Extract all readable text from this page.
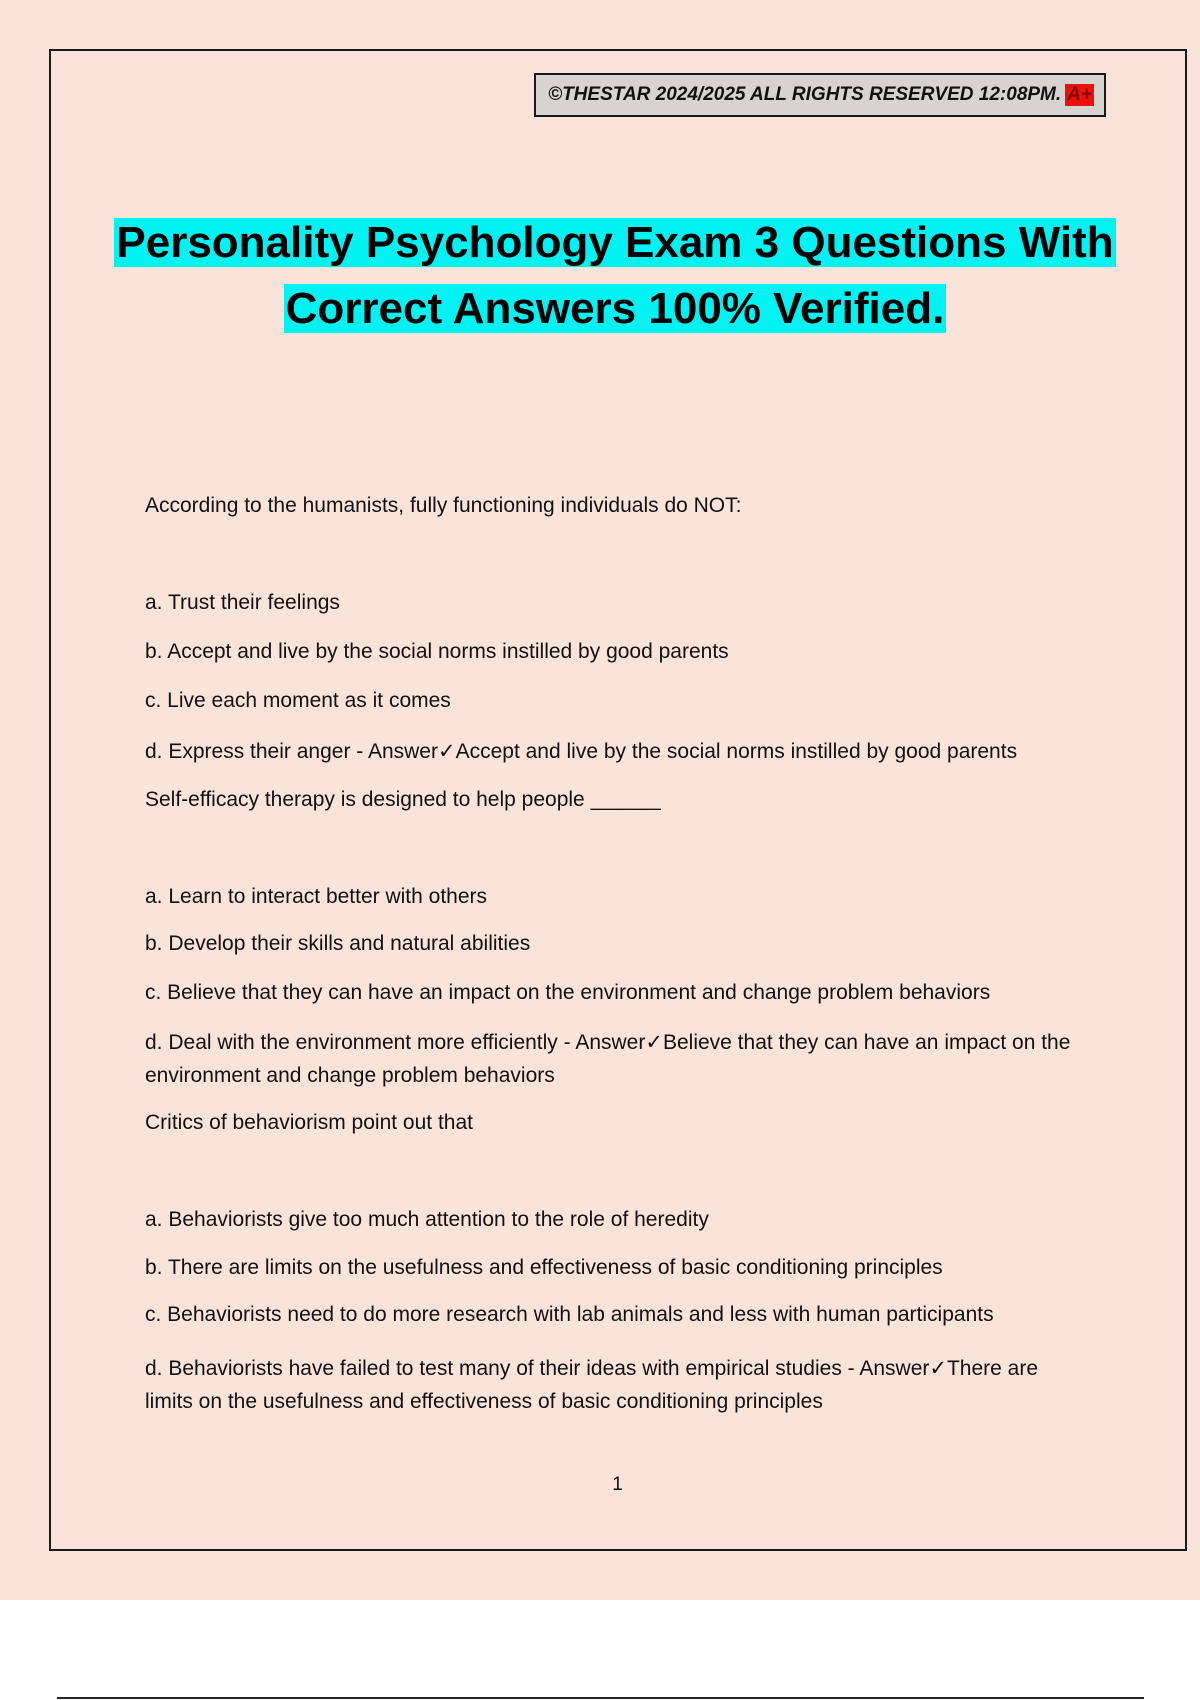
©THESTAR 2024/2025 ALL RIGHTS RESERVED 12:08PM. A+
Personality Psychology Exam 3 Questions With
Correct Answers 100% Verified.
According to the humanists, fully functioning individuals do NOT:
a. Trust their feelings
b. Accept and live by the social norms instilled by good parents
c. Live each moment as it comes
d. Express their anger - Answer✓Accept and live by the social norms instilled by good parents
Self-efficacy therapy is designed to help people ______
a. Learn to interact better with others
b. Develop their skills and natural abilities
c. Believe that they can have an impact on the environment and change problem behaviors
d. Deal with the environment more efficiently - Answer✓Believe that they can have an impact on the environment and change problem behaviors
Critics of behaviorism point out that
a. Behaviorists give too much attention to the role of heredity
b. There are limits on the usefulness and effectiveness of basic conditioning principles
c. Behaviorists need to do more research with lab animals and less with human participants
d. Behaviorists have failed to test many of their ideas with empirical studies - Answer✓There are limits on the usefulness and effectiveness of basic conditioning principles
1
